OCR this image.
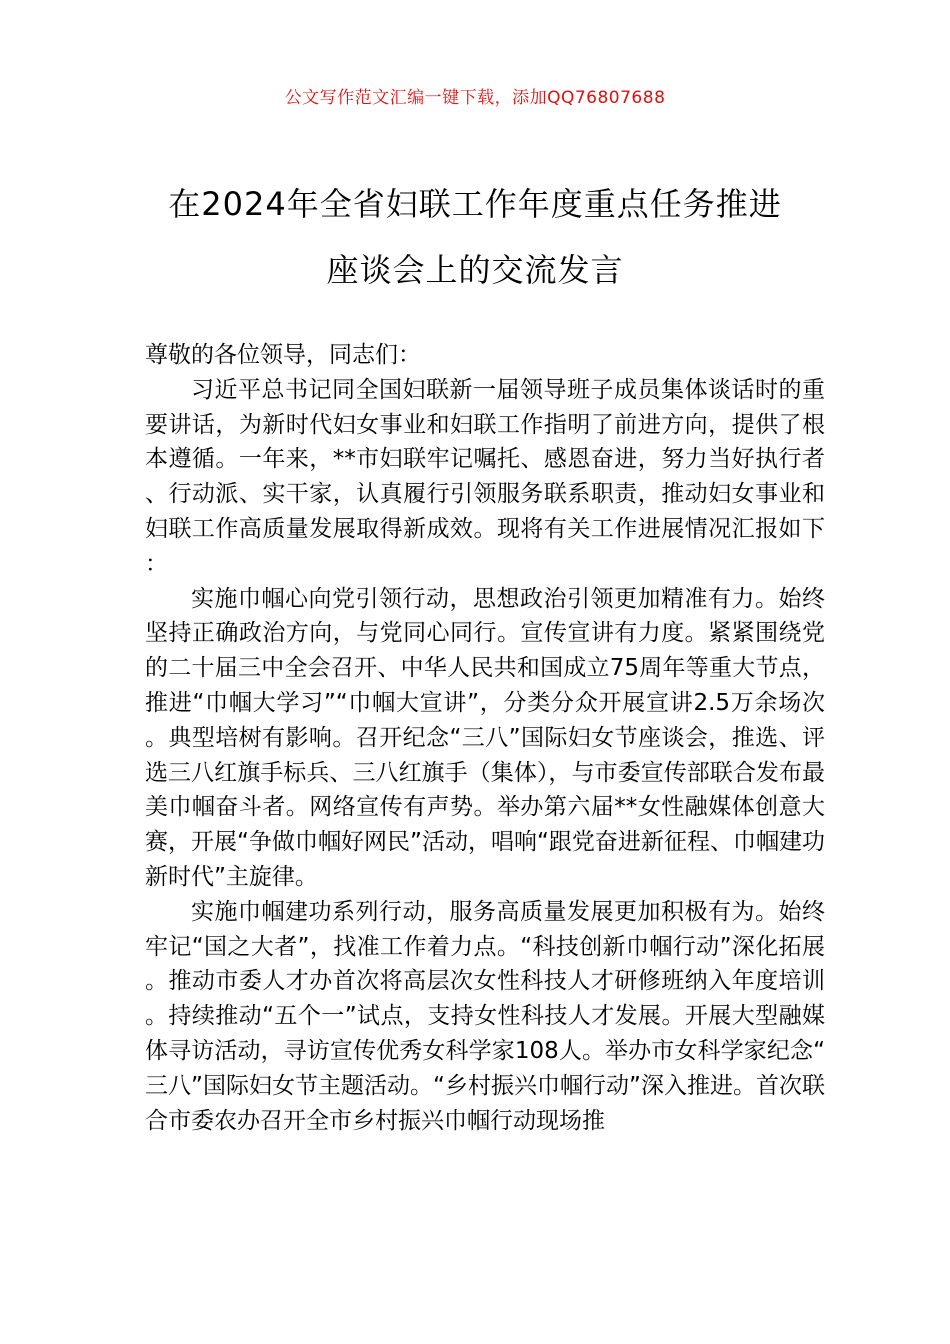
公文写作范文汇编一键下载，添加QQ76807688
在2024年全省妇联工作年度重点任务推进
座谈会上的交流发言

尊敬的各位领导，同志们：

习近平总书记同全国妇联新一届领导班子成员集体谈话时的重要讲话，为新时代妇女事业和妇联工作指明了前进方向，提供了根本遵循。一年来，**市妇联牢记嘱托、感恩奋进，努力当好执行者、行动派、实干家，认真履行引领服务联系职责，推动妇女事业和妇联工作高质量发展取得新成效。现将有关工作进展情况汇报如下：

实施巾帼心向党引领行动，思想政治引领更加精准有力。始终坚持正确政治方向，与党同心同行。宣传宣讲有力度。紧紧围绕党的二十届三中全会召开、中华人民共和国成立75周年等重大节点，推进“巾帼大学习”“巾帼大宣讲”，分类分众开展宣讲2.5万余场次。典型培树有影响。召开纪念“三八”国际妇女节座谈会，推选、评选三八红旗手标兵、三八红旗手（集体），与市委宣传部联合发布最美巾帼奋斗者。网络宣传有声势。举办第六届**女性融媒体创意大赛，开展“争做巾帼好网民”活动，唱响“跟党奋进新征程、巾帼建功新时代”主旋律。

实施巾帼建功系列行动，服务高质量发展更加积极有为。始终牢记“国之大者”，找准工作着力点。“科技创新巾帼行动”深化拓展。推动市委人才办首次将高层次女性科技人才研修班纳入年度培训。持续推动“五个一”试点，支持女性科技人才发展。开展大型融媒体寻访活动，寻访宣传优秀女科学家108人。举办市女科学家纪念“三八”国际妇女节主题活动。“乡村振兴巾帼行动”深入推进。首次联合市委农办召开全市乡村振兴巾帼行动现场推
